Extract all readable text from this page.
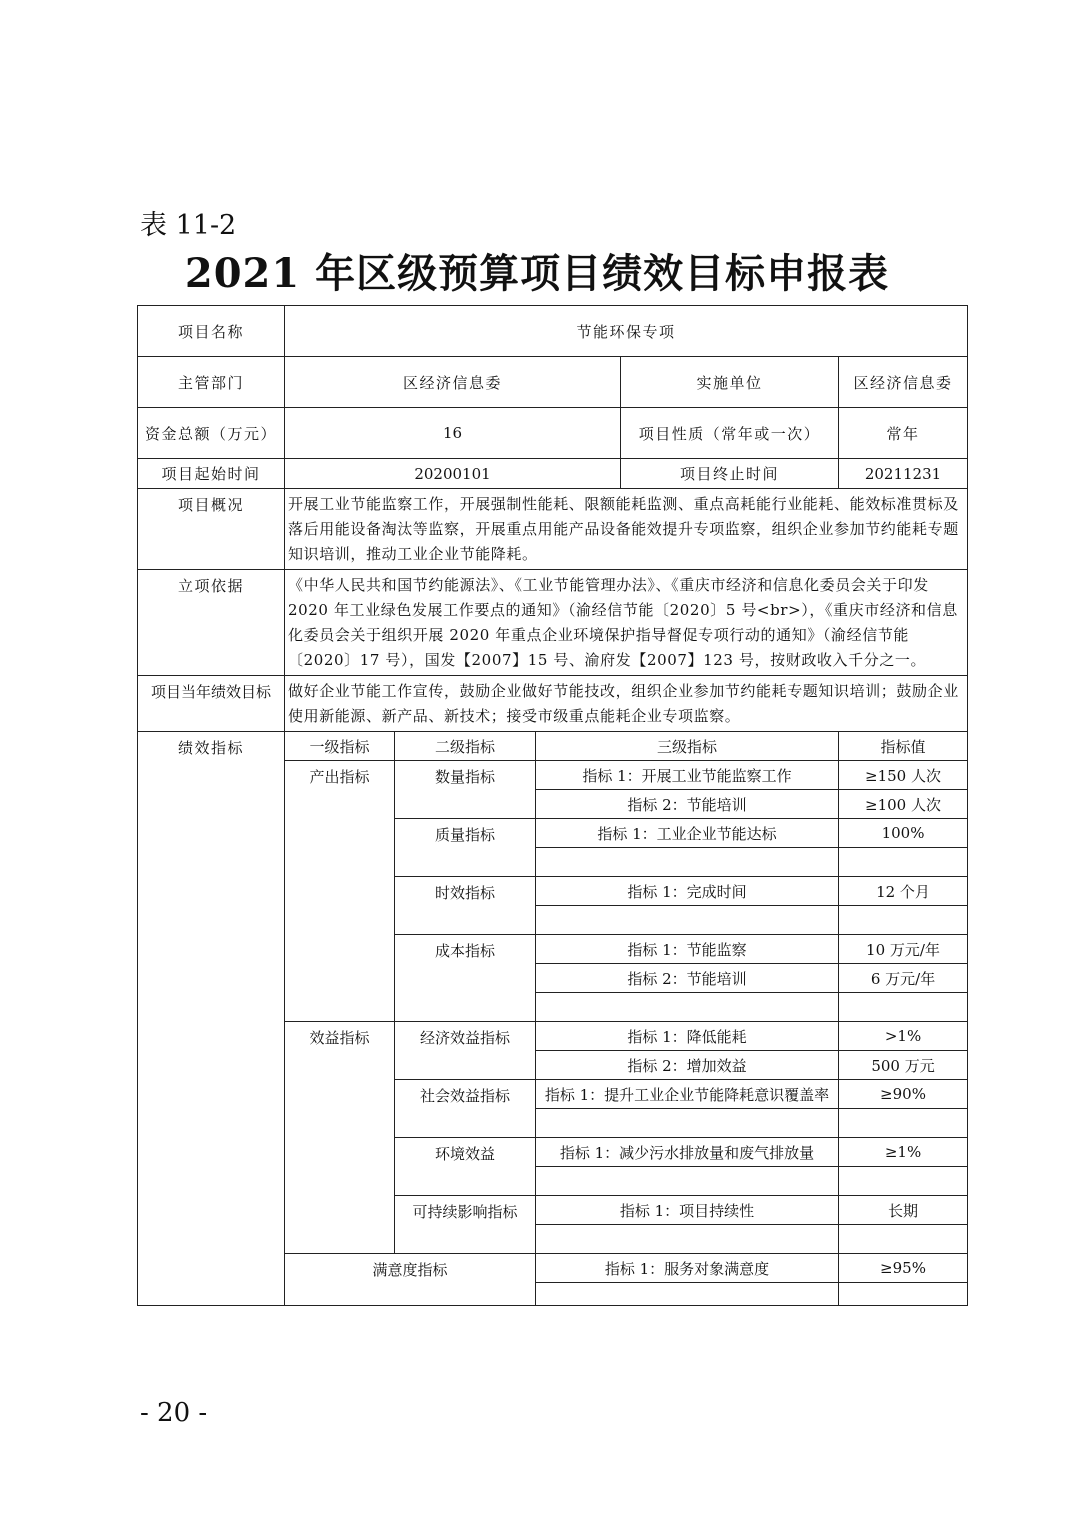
表 11-2
2021 年区级预算项目绩效目标申报表
项目名称	节能环保专项				
主管部门	区经济信息委			实施单位	区经济信息委
资金总额（万元）	16			项目性质（常年或一次）	常年
项目起始时间	20200101			项目终止时间	20211231
项目概况	开展工业节能监察工作，开展强制性能耗、限额能耗监测、重点高耗能行业能耗、能效标准贯标及落后用能设备淘汰等监察，开展重点用能产品设备能效提升专项监察，组织企业参加节约能耗专题知识培训，推动工业企业节能降耗。				
立项依据	《中华人民共和国节约能源法》、《工业节能管理办法》、《重庆市经济和信息化委员会关于印发 2020 年工业绿色发展工作要点的通知》（渝经信节能〔2020〕5 号<br>），《重庆市经济和信息化委员会关于组织开展 2020 年重点企业环境保护指导督促专项行动的通知》（渝经信节能〔2020〕17 号），国发【2007】15 号、渝府发【2007】123 号，按财政收入千分之一。				
项目当年绩效目标	做好企业节能工作宣传，鼓励企业做好节能技改，组织企业参加节约能耗专题知识培训；鼓励企业使用新能源、新产品、新技术；接受市级重点能耗企业专项监察。				
绩效指标	一级指标	二级指标	三级指标		指标值
	产出指标	数量指标	指标 1：开展工业节能监察工作		≥150 人次
			指标 2：节能培训		≥100 人次
		质量指标	指标 1：工业企业节能达标		100%

		时效指标	指标 1：完成时间		12 个月

		成本指标	指标 1：节能监察		10 万元/年
			指标 2：节能培训		6 万元/年

	效益指标	经济效益指标	指标 1：降低能耗		>1%
			指标 2：增加效益		500 万元
		社会效益指标	指标 1：提升工业企业节能降耗意识覆盖率		≥90%

		环境效益	指标 1：减少污水排放量和废气排放量		≥1%

		可持续影响指标	指标 1：项目持续性		长期

	满意度指标		指标 1：服务对象满意度		≥95%

- 20 -
